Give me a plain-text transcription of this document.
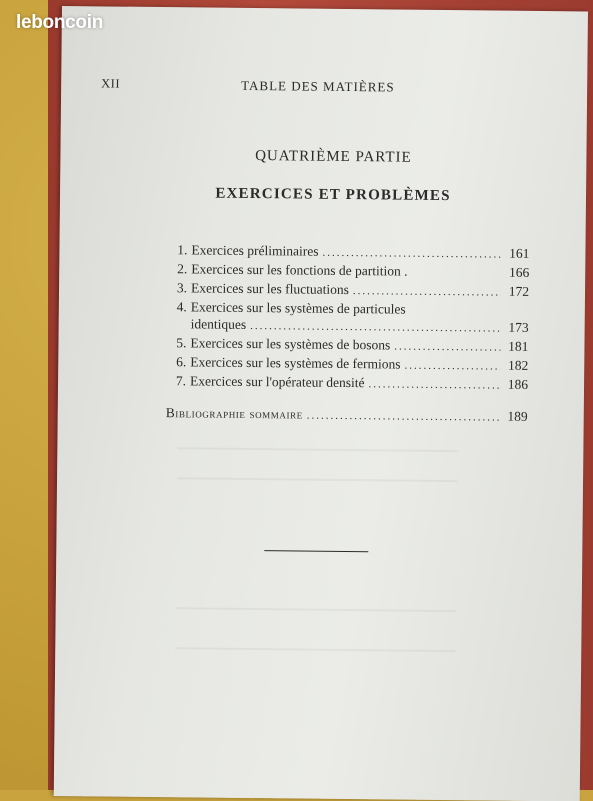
XII	TABLE DES MATIÈRES
QUATRIÈME PARTIE
EXERCICES ET PROBLÈMES
1. Exercices préliminaires .....	161
2. Exercices sur les fonctions de partition .	166
3. Exercices sur les fluctuations .....	172
4. Exercices sur les systèmes de particules
identiques .....	173
5. Exercices sur les systèmes de bosons .....	181
6. Exercices sur les systèmes de fermions .....	182
7. Exercices sur l'opérateur densité .....	186
Bibliographie sommaire .....	189
leboncoin
